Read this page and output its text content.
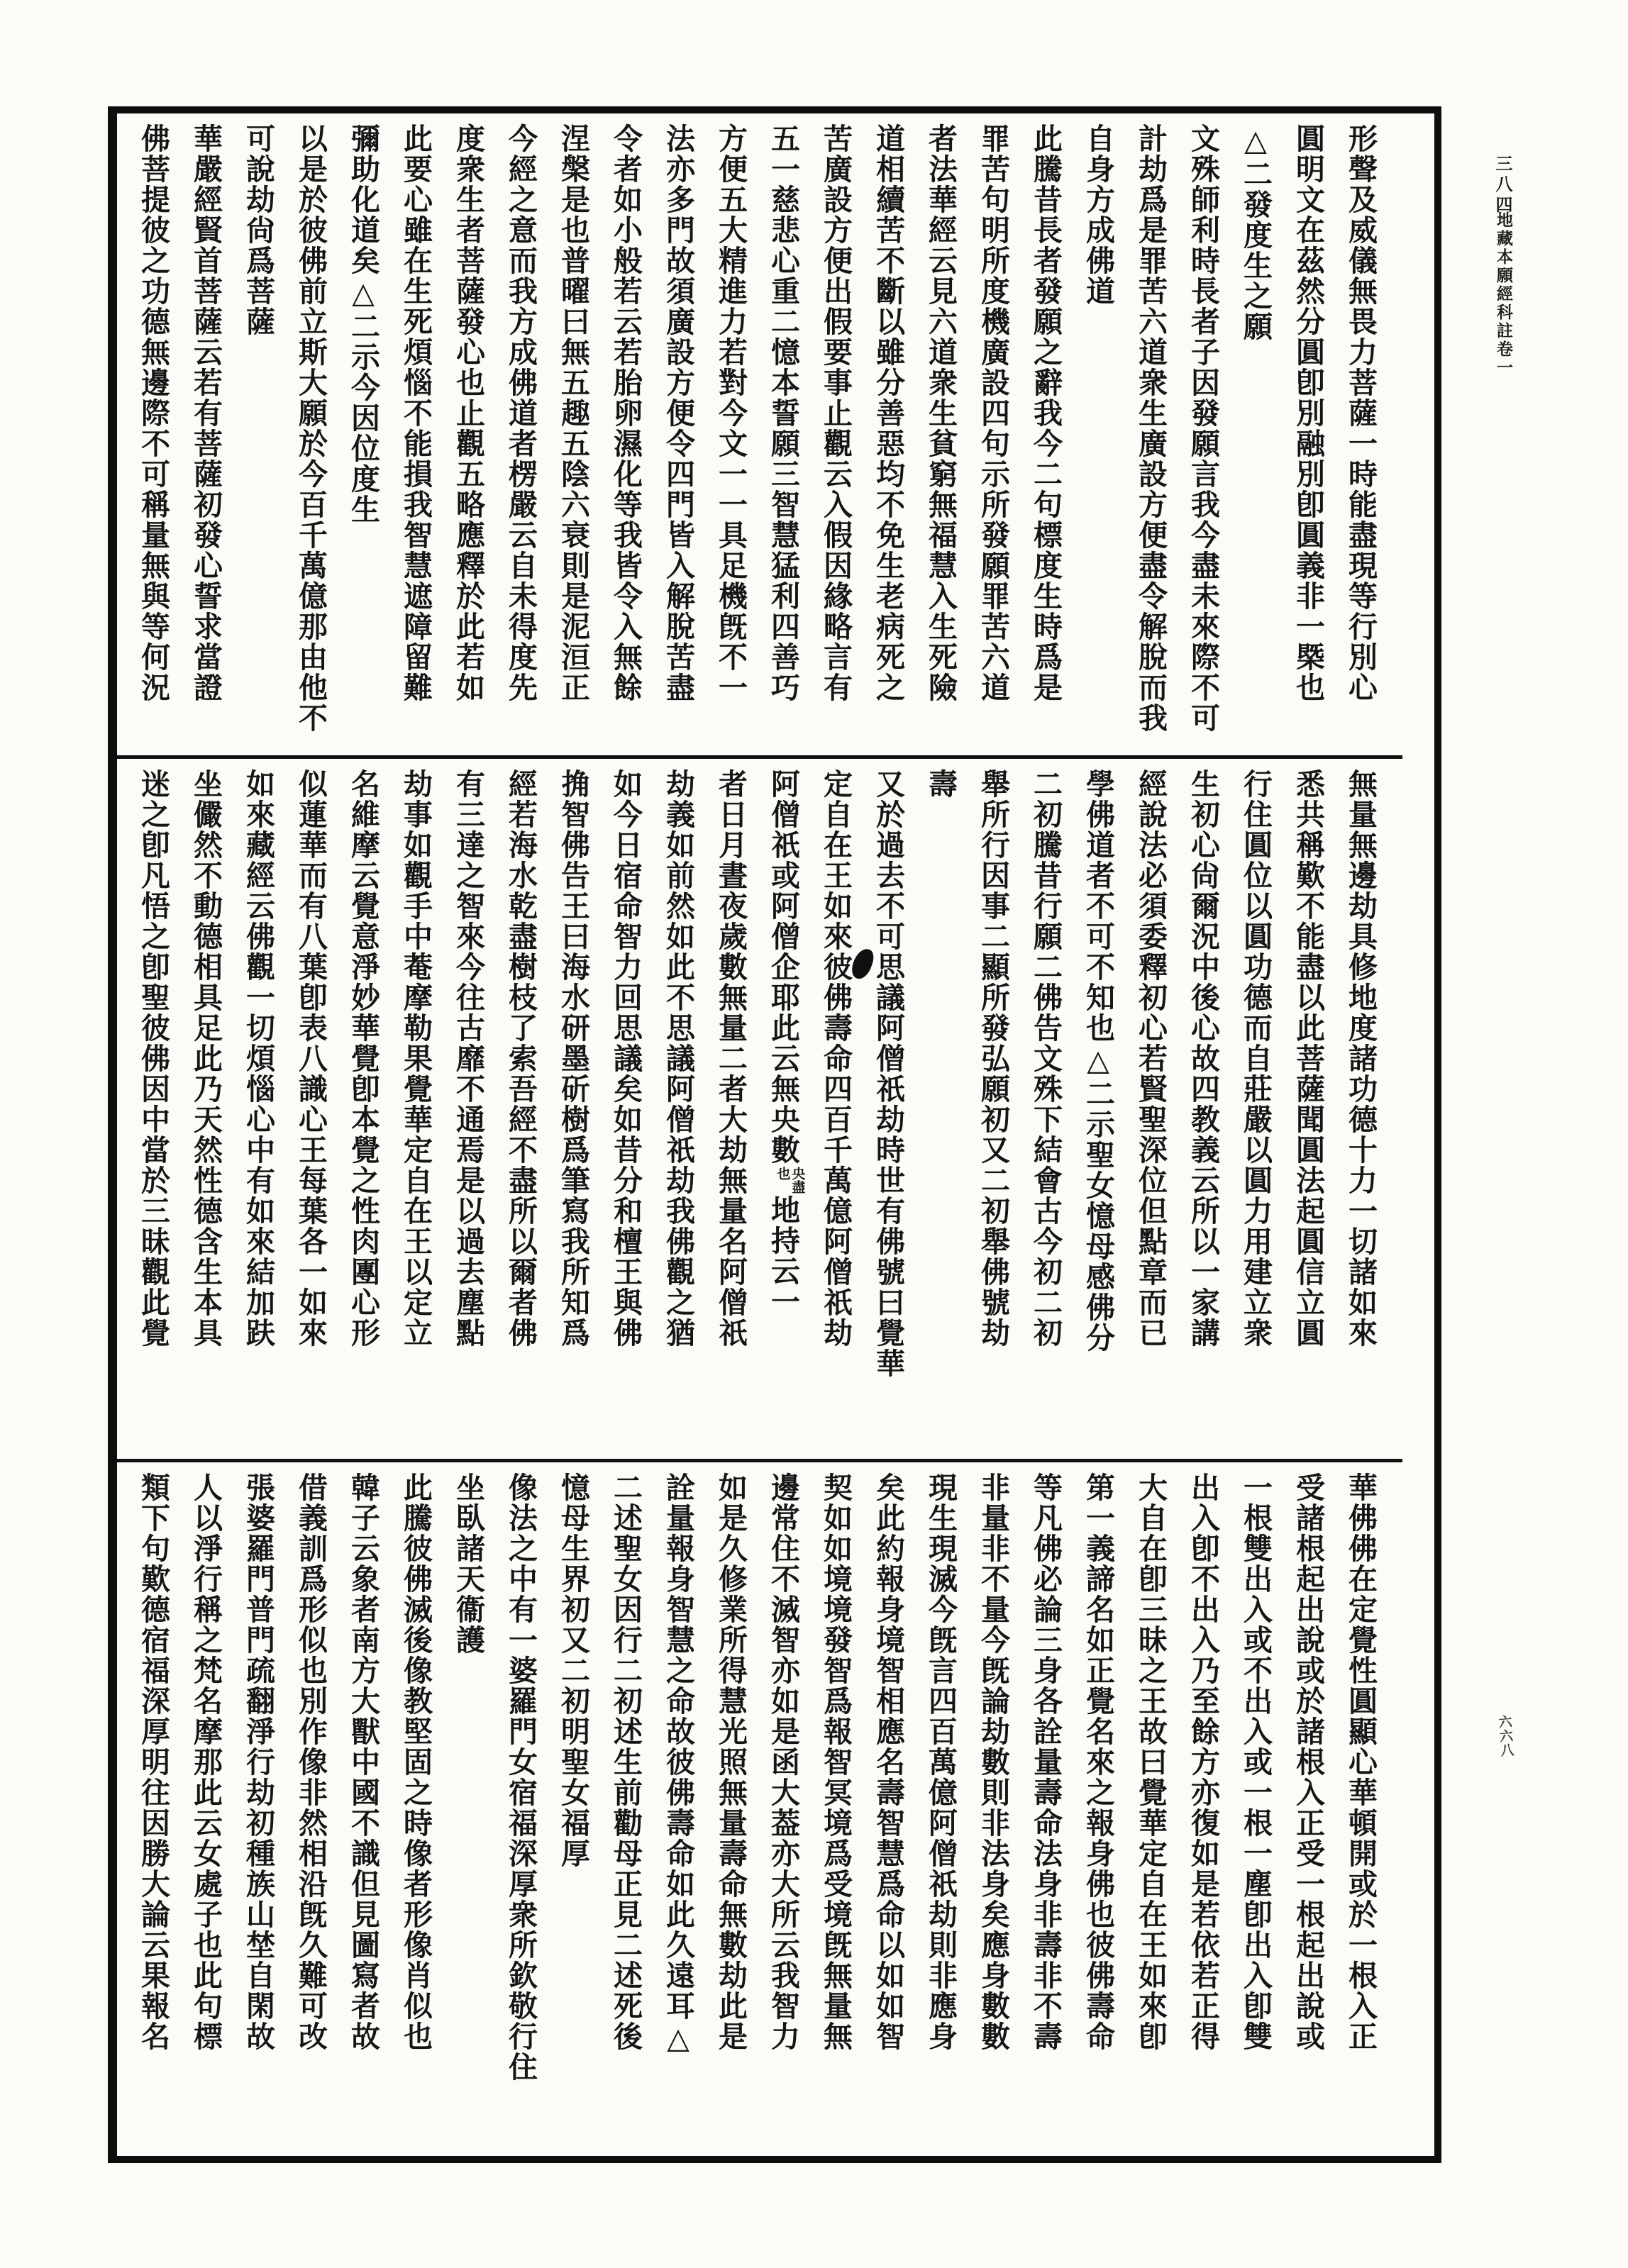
三八四
地藏本願經科註卷一
六六八
形聲及威儀無畏力菩薩一時能盡現等行別心
圓明文在茲然分圓卽別融別卽圓義非一槩也
△二發度生之願
文殊師利時長者子因發願言我今盡未來際不可
計劫爲是罪苦六道衆生廣設方便盡令解脫而我
自身方成佛道
此騰昔長者發願之辭我今二句標度生時爲是
罪苦句明所度機廣設四句示所發願罪苦六道
者法華經云見六道衆生貧窮無福慧入生死險
道相續苦不斷以雖分善惡均不免生老病死之
苦廣設方便出假要事止觀云入假因緣略言有
五一慈悲心重二憶本誓願三智慧猛利四善巧
方便五大精進力若對今文一一具足機旣不一
法亦多門故須廣設方便令四門皆入解脫苦盡
令者如小般若云若胎卵濕化等我皆令入無餘
涅槃是也普曜曰無五趣五陰六衰則是泥洹正
今經之意而我方成佛道者楞嚴云自未得度先
度衆生者菩薩發心也止觀五略應釋於此若如
此要心雖在生死煩惱不能損我智慧遮障留難
彌助化道矣△二示今因位度生
以是於彼佛前立斯大願於今百千萬億那由他不
可說劫尙爲菩薩
華嚴經賢首菩薩云若有菩薩初發心誓求當證
佛菩提彼之功德無邊際不可稱量無與等何況
無量無邊劫具修地度諸功德十力一切諸如來
悉共稱歎不能盡以此菩薩聞圓法起圓信立圓
行住圓位以圓功德而自莊嚴以圓力用建立衆
生初心尙爾況中後心故四教義云所以一家講
經說法必須委釋初心若賢聖深位但點章而已
學佛道者不可不知也△二示聖女憶母感佛分
二初騰昔行願二佛告文殊下結會古今初二初
舉所行因事二顯所發弘願初又二初舉佛號劫
壽
又於過去不可思議阿僧祇劫時世有佛號曰覺華
定自在王如來彼佛壽命四百千萬億阿僧祇劫
阿僧祇或阿僧企耶此云無央數
央盡
也
地持云一
者日月晝夜歲數無量二者大劫無量名阿僧祇
劫義如前然如此不思議阿僧祇劫我佛觀之猶
如今日宿命智力回思議矣如昔分和檀王與佛
捔智佛告王曰海水研墨斫樹爲筆寫我所知爲
經若海水乾盡樹枝了索吾經不盡所以爾者佛
有三達之智來今往古靡不通焉是以過去塵點
劫事如觀手中菴摩勒果覺華定自在王以定立
名維摩云覺意淨妙華覺卽本覺之性肉團心形
似蓮華而有八葉卽表八識心王每葉各一如來
如來藏經云佛觀一切煩惱心中有如來結加趺
坐儼然不動德相具足此乃天然性德含生本具
迷之卽凡悟之卽聖彼佛因中當於三昧觀此覺
華佛佛在定覺性圓顯心華頓開或於一根入正
受諸根起出說或於諸根入正受一根起出說或
一根雙出入或不出入或一根一塵卽出入卽雙
出入卽不出入乃至餘方亦復如是若依若正得
大自在卽三昧之王故曰覺華定自在王如來卽
第一義諦名如正覺名來之報身佛也彼佛壽命
等凡佛必論三身各詮量壽命法身非壽非不壽
非量非不量今旣論劫數則非法身矣應身數數
現生現滅今旣言四百萬億阿僧祇劫則非應身
矣此約報身境智相應名壽智慧爲命以如如智
契如如境境發智爲報智冥境爲受境旣無量無
邊常住不滅智亦如是函大葢亦大所云我智力
如是久修業所得慧光照無量壽命無數劫此是
詮量報身智慧之命故彼佛壽命如此久遠耳△
二述聖女因行二初述生前勸母正見二述死後
憶母生界初又二初明聖女福厚
像法之中有一婆羅門女宿福深厚衆所欽敬行住
坐臥諸天衞護
此騰彼佛滅後像教堅固之時像者形像肖似也
韓子云象者南方大獸中國不識但見圖寫者故
借義訓爲形似也別作像非然相沿旣久難可改
張婆羅門普門疏翻淨行劫初種族山埜自閑故
人以淨行稱之梵名摩那此云女處子也此句標
類下句歎德宿福深厚明往因勝大論云果報名
